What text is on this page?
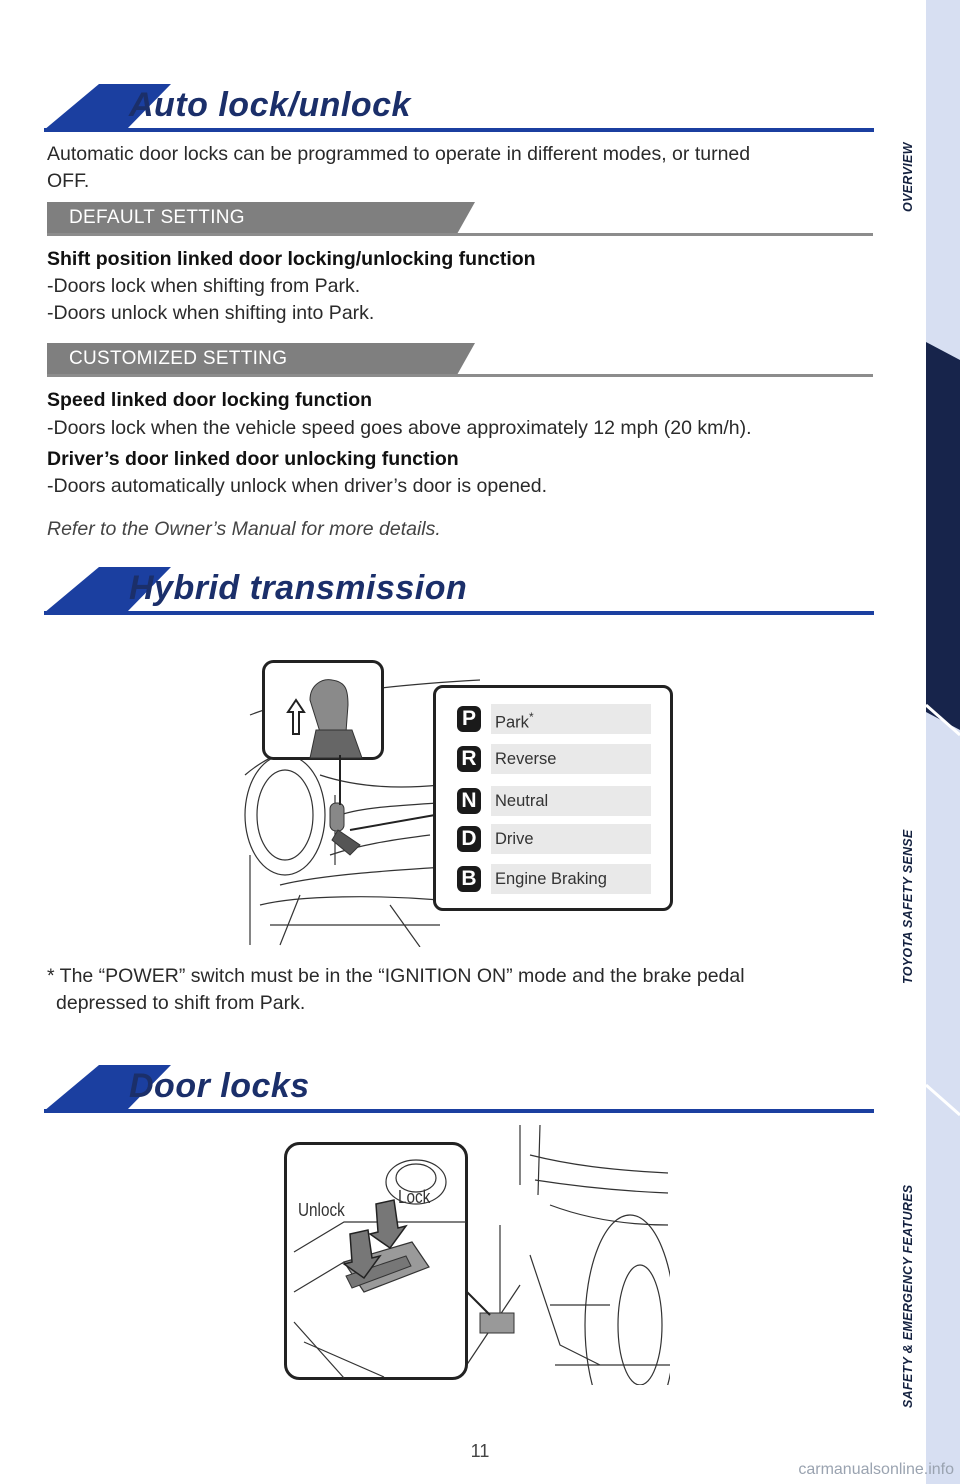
FEATURES & OPERATIONS
OVERVIEW
TOYOTA SAFETY SENSE
SAFETY & EMERGENCY FEATURES
Auto lock/unlock
Automatic door locks can be programmed to operate in different modes, or turned
OFF.
DEFAULT SETTING
Shift position linked door locking/unlocking function
-Doors lock when shifting from Park.
-Doors unlock when shifting into Park.
CUSTOMIZED SETTING
Speed linked door locking function
-Doors lock when the vehicle speed goes above approximately 12 mph (20 km/h).
Driver’s door linked door unlocking function
-Doors automatically unlock when driver’s door is opened.
Refer to the Owner’s Manual for more details.
Hybrid transmission
P	Park*
R Reverse
N Neutral
D Drive
B Engine Braking
* The “POWER” switch must be in the “IGNITION ON” mode and the brake pedal
depressed to shift from Park.
Door locks
Unlock
Lock
11
carmanualsonline.info
